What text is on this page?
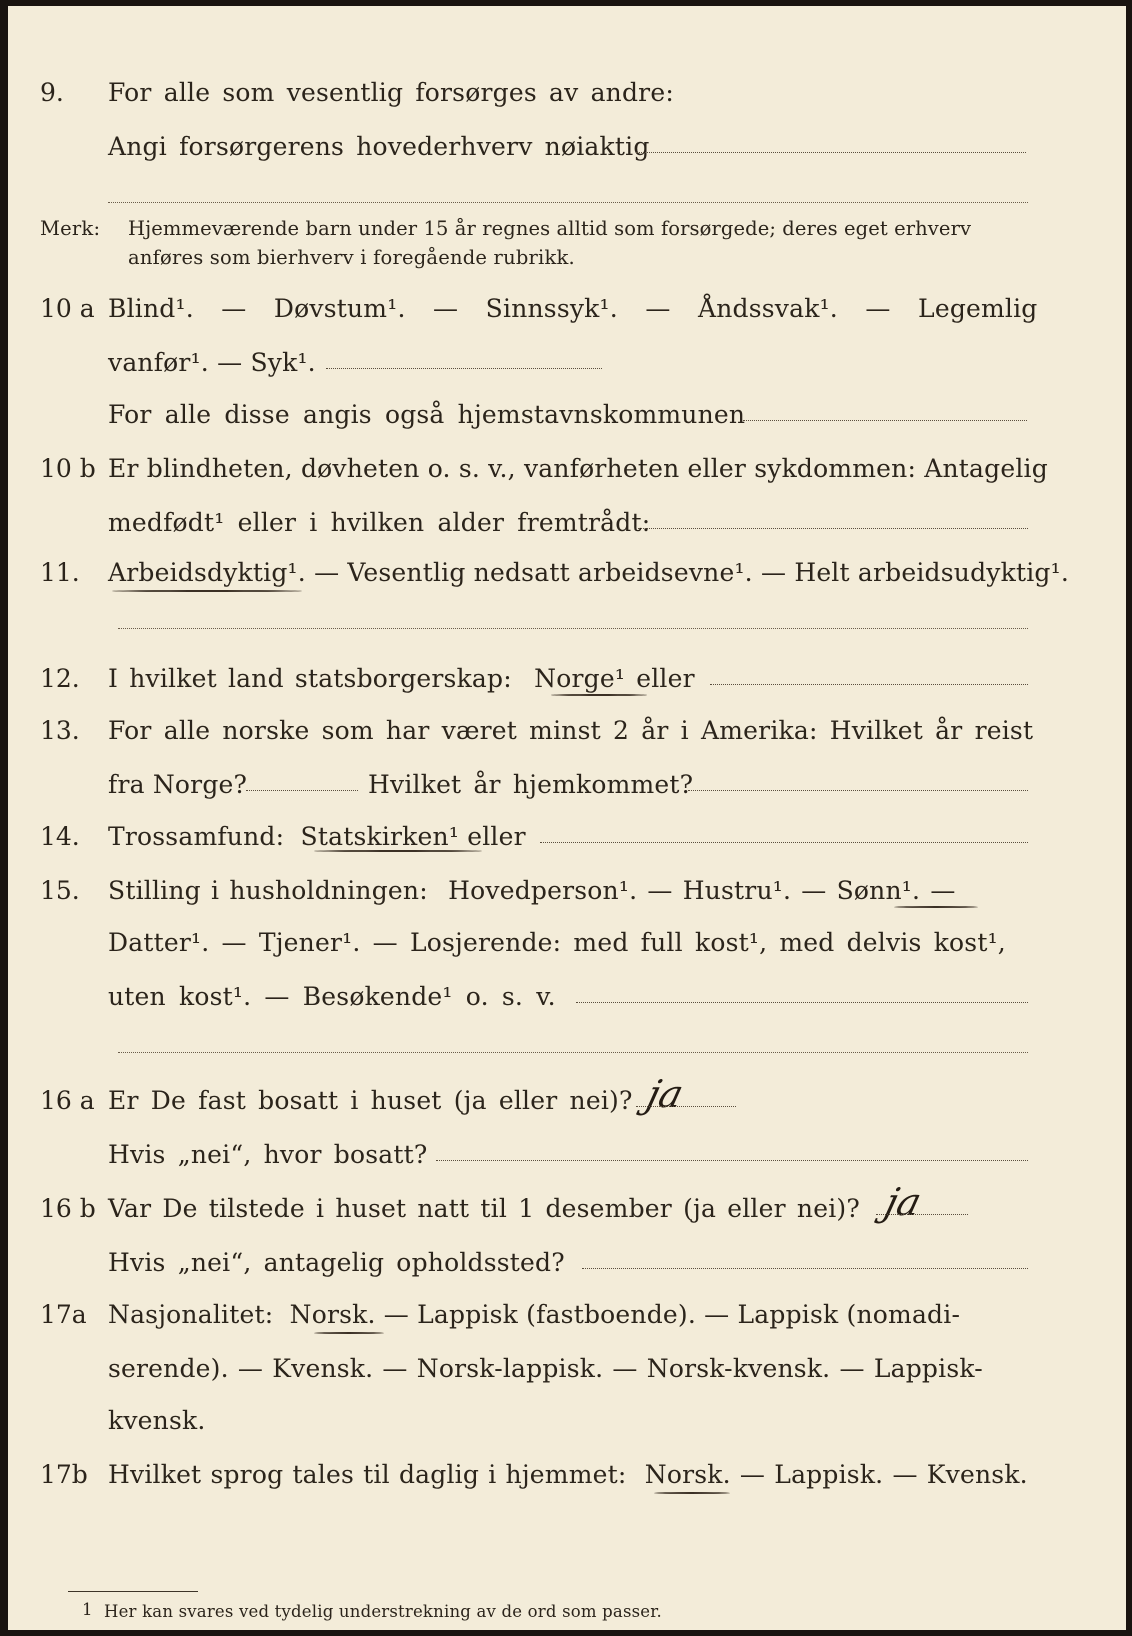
9. For alle som vesentlig forsørges av andre:
Angi forsørgerens hovederhverv nøiaktig
Merk: Hjemmeværende barn under 15 år regnes alltid som forsørgede; deres eget erhverv
anføres som bierhverv i foregående rubrikk.
10 a Blind¹.   —   Døvstum¹.   —   Sinnssyk¹.   —   Åndssvak¹.   —   Legemlig
vanfør¹. — Syk¹.
For alle disse angis også hjemstavnskommunen
10 b Er blindheten, døvheten o. s. v., vanførheten eller sykdommen: Antagelig
medfødt¹ eller i hvilken alder fremtrådt:
11. Arbeidsdyktig¹. — Vesentlig nedsatt arbeidsevne¹. — Helt arbeidsudyktig¹.
12. I hvilket land statsborgerskap:  Norge¹ eller
13. For alle norske som har været minst 2 år i Amerika: Hvilket år reist
fra Norge?	Hvilket år hjemkommet?
14. Trossamfund:  Statskirken¹ eller
15. Stilling i husholdningen:  Hovedperson¹. — Hustru¹. — Sønn¹. —
Datter¹. — Tjener¹. — Losjerende: med full kost¹, med delvis kost¹,
uten kost¹. — Besøkende¹ o. s. v.
16 a Er De fast bosatt i huset (ja eller nei)? ja
Hvis „nei“, hvor bosatt?
16 b Var De tilstede i huset natt til 1 desember (ja eller nei)? ja
Hvis „nei“, antagelig opholdssted?
17a Nasjonalitet:  Norsk. — Lappisk (fastboende). — Lappisk (nomadi-
serende). — Kvensk. — Norsk-lappisk. — Norsk-kvensk. — Lappisk-
kvensk.
17b Hvilket sprog tales til daglig i hjemmet:  Norsk. — Lappisk. — Kvensk.
1 Her kan svares ved tydelig understrekning av de ord som passer.
